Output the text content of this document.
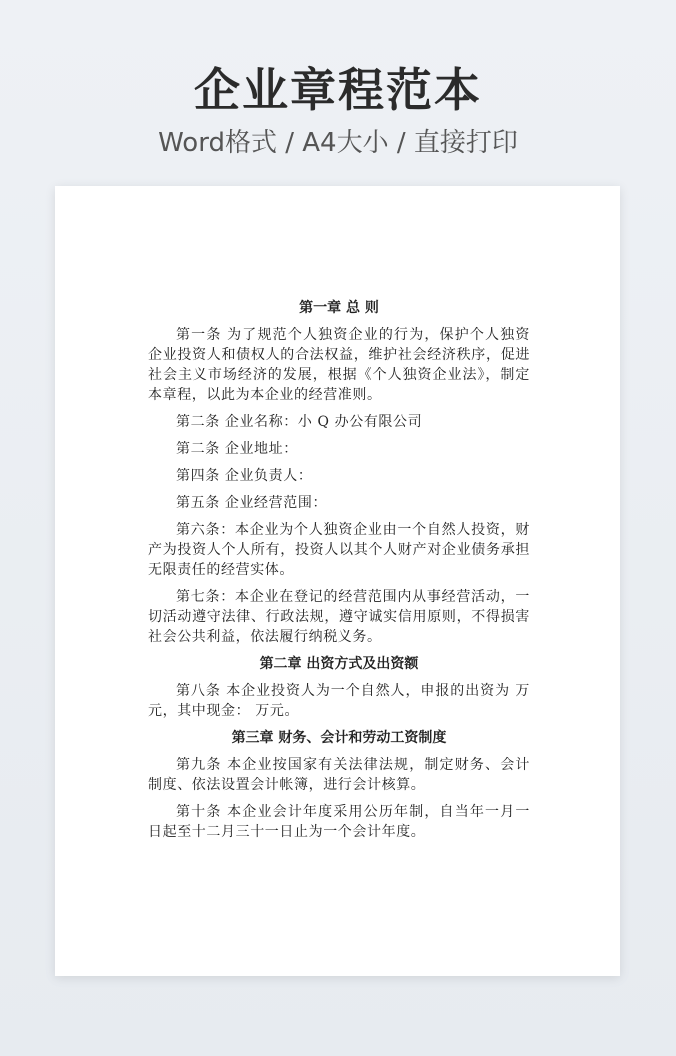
企业章程范本
Word格式 / A4大小 / 直接打印
第一章 总 则

第一条 为了规范个人独资企业的行为，保护个人独资企业投资人和债权人的合法权益，维护社会经济秩序，促进社会主义市场经济的发展，根据《个人独资企业法》，制定本章程，以此为本企业的经营准则。

第二条 企业名称：小 Q 办公有限公司

第二条 企业地址：

第四条 企业负责人：

第五条 企业经营范围：

第六条：本企业为个人独资企业由一个自然人投资，财产为投资人个人所有，投资人以其个人财产对企业债务承担无限责任的经营实体。

第七条：本企业在登记的经营范围内从事经营活动，一切活动遵守法律、行政法规，遵守诚实信用原则，不得损害社会公共利益，依法履行纳税义务。

第二章 出资方式及出资额

第八条 本企业投资人为一个自然人，申报的出资为 万元，其中现金： 万元。

第三章 财务、会计和劳动工资制度

第九条 本企业按国家有关法律法规，制定财务、会计制度、依法设置会计帐簿，进行会计核算。

第十条 本企业会计年度采用公历年制，自当年一月一日起至十二月三十一日止为一个会计年度。
